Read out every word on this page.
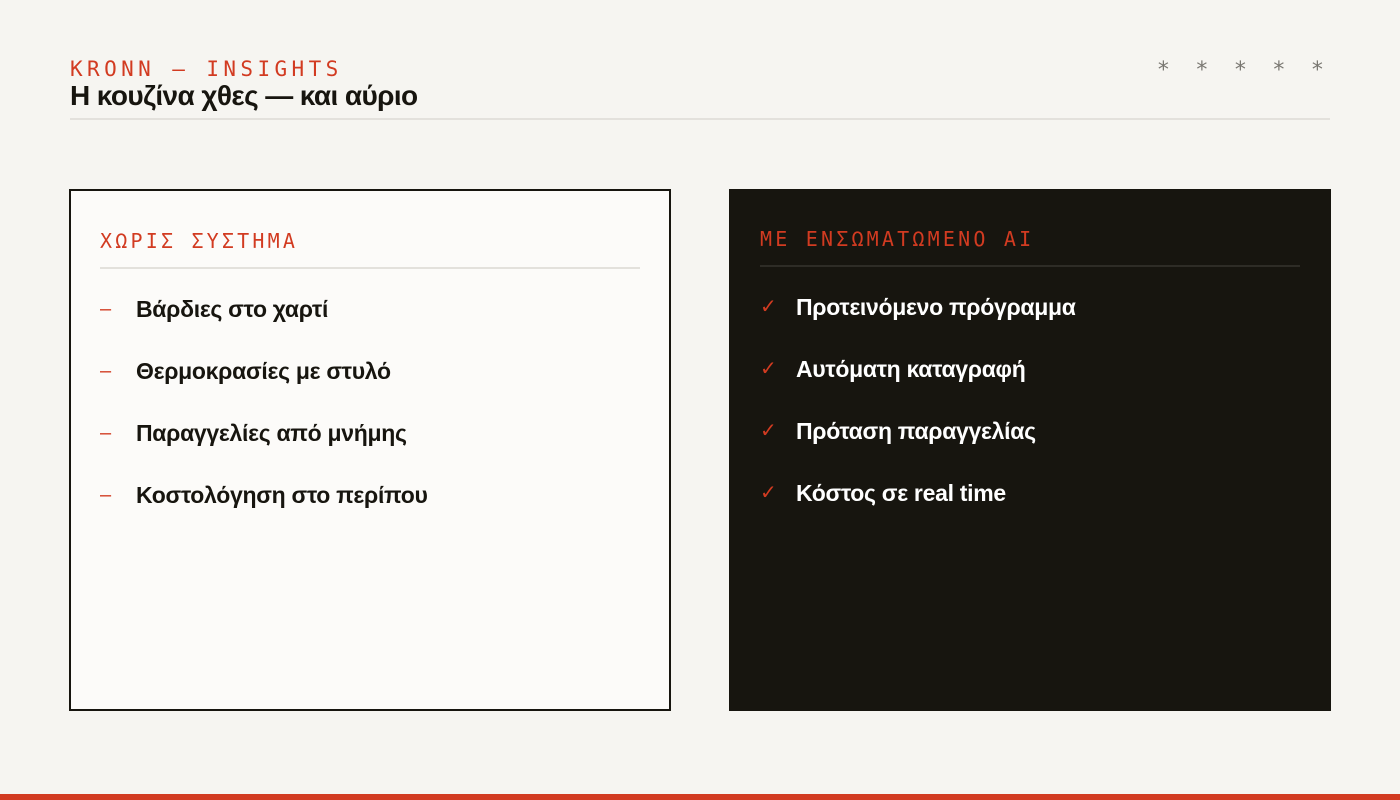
KRONN — INSIGHTS
Η κουζίνα χθες — και αύριο
* * * * *
ΧΩΡΙΣ ΣΥΣΤΗΜΑ
–	Βάρδιες στο χαρτί
–	Θερμοκρασίες με στυλό
–	Παραγγελίες από μνήμης
–	Κοστολόγηση στο περίπου
ΜΕ ΕΝΣΩΜΑΤΩΜΕΝΟ AI
✓ Προτεινόμενο πρόγραμμα
✓ Αυτόματη καταγραφή
✓ Πρόταση παραγγελίας
✓ Κόστος σε real time
